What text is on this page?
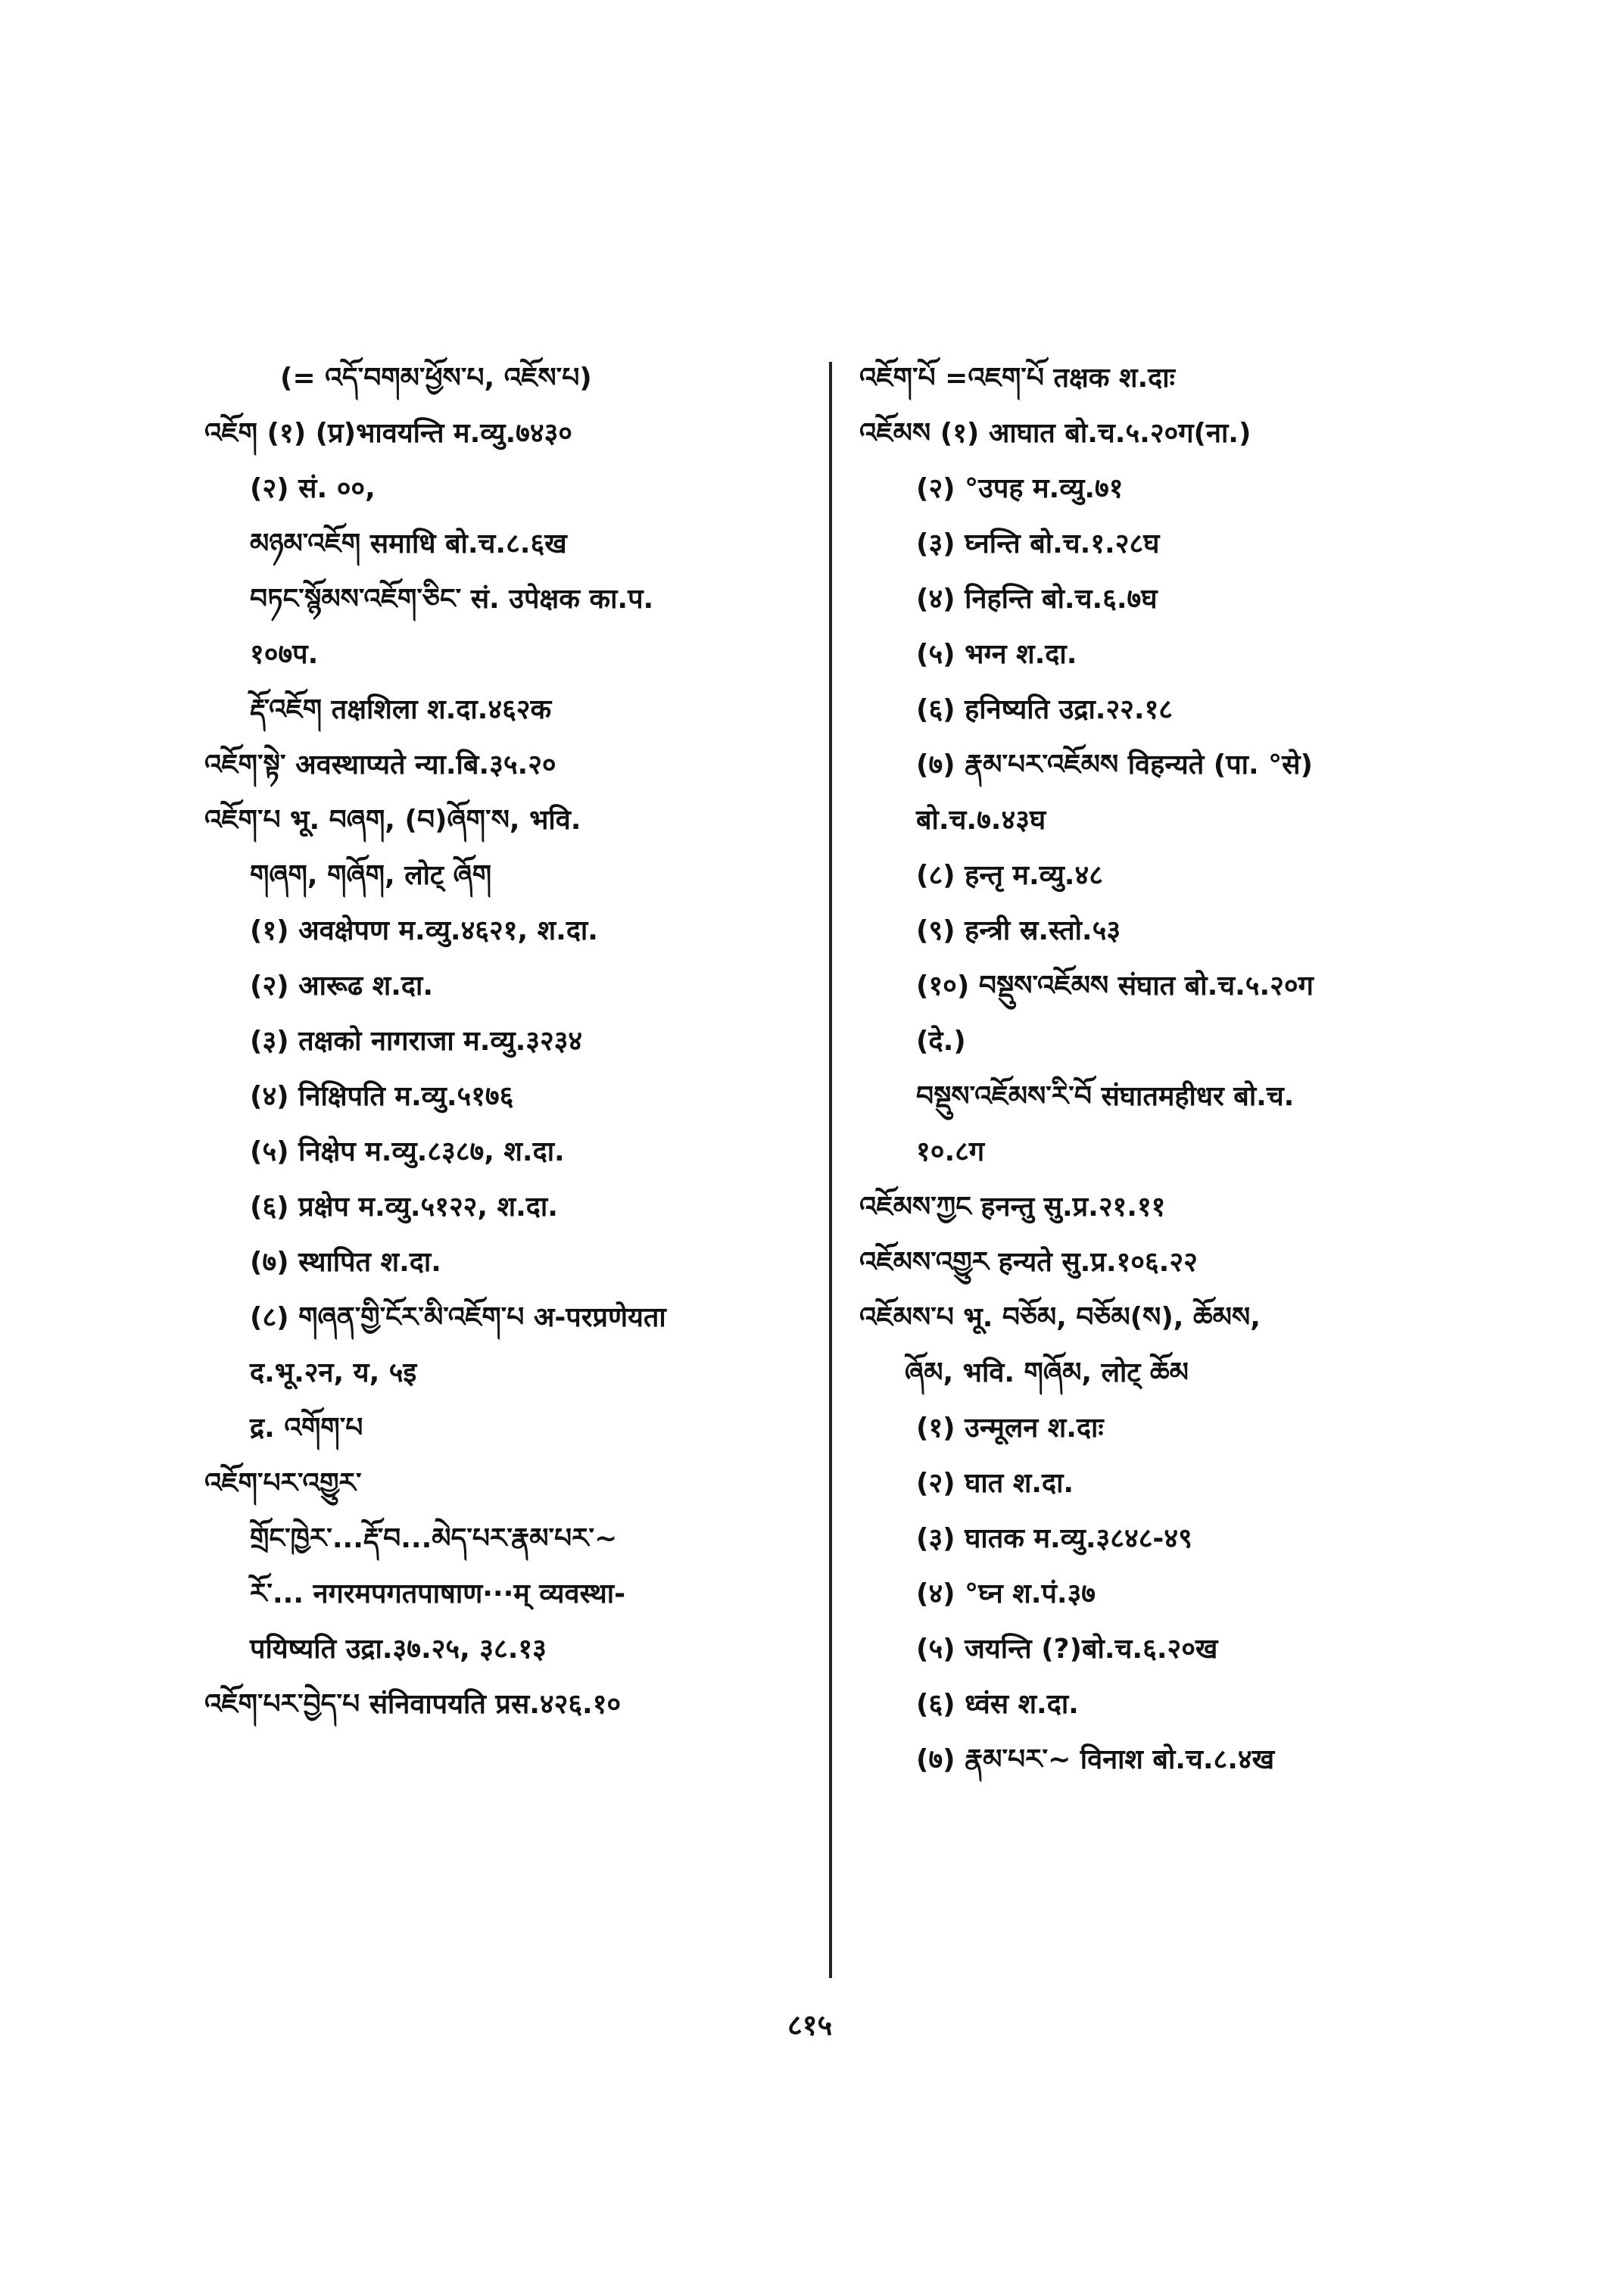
(= འདོ་བགམ་ཕྱོས་པ, འཇོས་པ)
འཇོག (१) (प्र)भावयन्ति म.व्यु.७४३०
(२) सं. ००,
མཉམ་འཇོག समाधि बो.च.८.६ख
བཏང་སྙོམས་འཇོག་ཅིང་ सं. उपेक्षक का.प.
१०७प.
རྡོ་འཇོག तक्षशिला श.दा.४६२क
འཇོག་སྟེ་ अवस्थाप्यते न्या.बि.३५.२०
འཇོག་པ भू. བཞག, (བ)ཞོག་ས, भवि.
གཞག, གཞོག, लोट् ཞོག
(१) अवक्षेपण म.व्यु.४६२१, श.दा.
(२) आरूढ श.दा.
(३) तक्षको नागराजा म.व्यु.३२३४
(४) निक्षिपति म.व्यु.५१७६
(५) निक्षेप म.व्यु.८३८७, श.दा.
(६) प्रक्षेप म.व्यु.५१२२, श.दा.
(७) स्थापित श.दा.
(८) གཞན་གྱི་ངོར་མི་འཇོག་པ अ-परप्रणेयता
द.भू.२न, य, ५इ
द्र. འགོག་པ
འཇོག་པར་འགྱུར་
གྲོང་ཁྱེར་...རྡོ་བ...མེད་པར་རྣམ་པར་~
རོ་... नगरमपगतपाषाण···म् व्यवस्था-
पयिष्यति उद्रा.३७.२५, ३८.१३
འཇོག་པར་བྱེད་པ संनिवापयति प्रस.४२६.१०
འཇོག་པོ =འཇག་པོ तक्षक श.दाः
འཇོམས (१) आघात बो.च.५.२०ग(ना.)
(२) °उपह म.व्यु.७१
(३) घ्नन्ति बो.च.१.२८घ
(४) निहन्ति बो.च.६.७घ
(५) भग्न श.दा.
(६) हनिष्यति उद्रा.२२.१८
(७) རྣམ་པར་འཇོམས विहन्यते (पा. °से)
बो.च.७.४३घ
(८) हन्तृ म.व्यु.४८
(९) हन्त्री स्र.स्तो.५३
(१०) བསྡུས་འཇོམས संघात बो.च.५.२०ग
(दे.)
བསྡུས་འཇོམས་རི་བོ संघातमहीधर बो.च.
१०.८ग
འཇོམས་ཀྱང हनन्तु सु.प्र.२१.११
འཇོམས་འགྱུར हन्यते सु.प्र.१०६.२२
འཇོམས་པ भू. བཅོམ, བཅོམ(ས), ཆོམས,
ཞོམ, भवि. གཞོམ, लोट् ཆོམ
(१) उन्मूलन श.दाः
(२) घात श.दा.
(३) घातक म.व्यु.३८४८-४९
(४) °घ्न श.पं.३७
(५) जयन्ति (?)बो.च.६.२०ख
(६) ध्वंस श.दा.
(७) རྣམ་པར་~ विनाश बो.च.८.४ख
८१५
